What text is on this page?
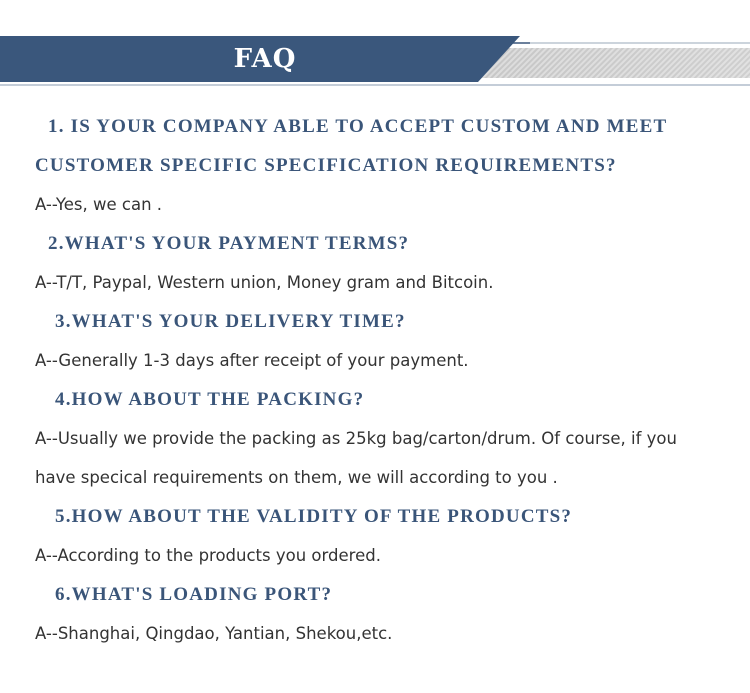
FAQ
1. IS YOUR COMPANY ABLE TO ACCEPT CUSTOM AND MEET
CUSTOMER SPECIFIC SPECIFICATION REQUIREMENTS?
A--Yes, we can .
2.WHAT'S YOUR PAYMENT TERMS?
A--T/T, Paypal, Western union, Money gram and Bitcoin.
3.WHAT'S YOUR DELIVERY TIME?
A--Generally 1-3 days after receipt of your payment.
4.HOW ABOUT THE PACKING?
A--Usually we provide the packing as 25kg bag/carton/drum. Of course, if you
have specical requirements on them, we will according to you .
5.HOW ABOUT THE VALIDITY OF THE PRODUCTS?
A--According to the products you ordered.
6.WHAT'S LOADING PORT?
A--Shanghai, Qingdao, Yantian, Shekou,etc.
